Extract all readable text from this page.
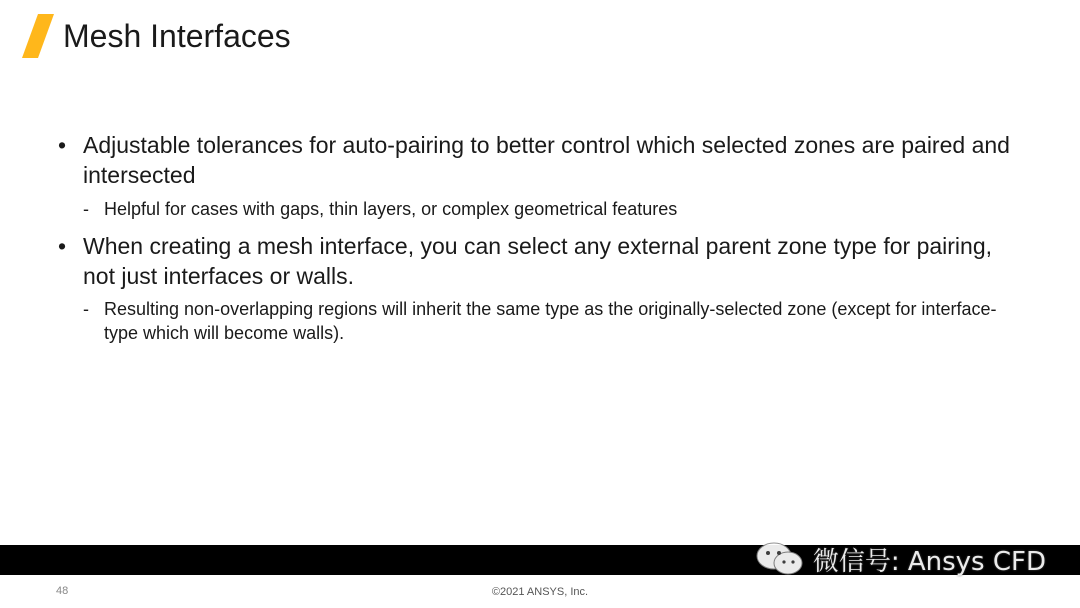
Mesh Interfaces
• Adjustable tolerances for auto-pairing to better control which selected zones are paired and intersected
- Helpful for cases with gaps, thin layers, or complex geometrical features
• When creating a mesh interface, you can select any external parent zone type for pairing, not just interfaces or walls.
- Resulting non-overlapping regions will inherit the same type as the originally-selected zone (except for interface-type which will become walls).
微信号: Ansys CFD
48	©2021 ANSYS, Inc.
